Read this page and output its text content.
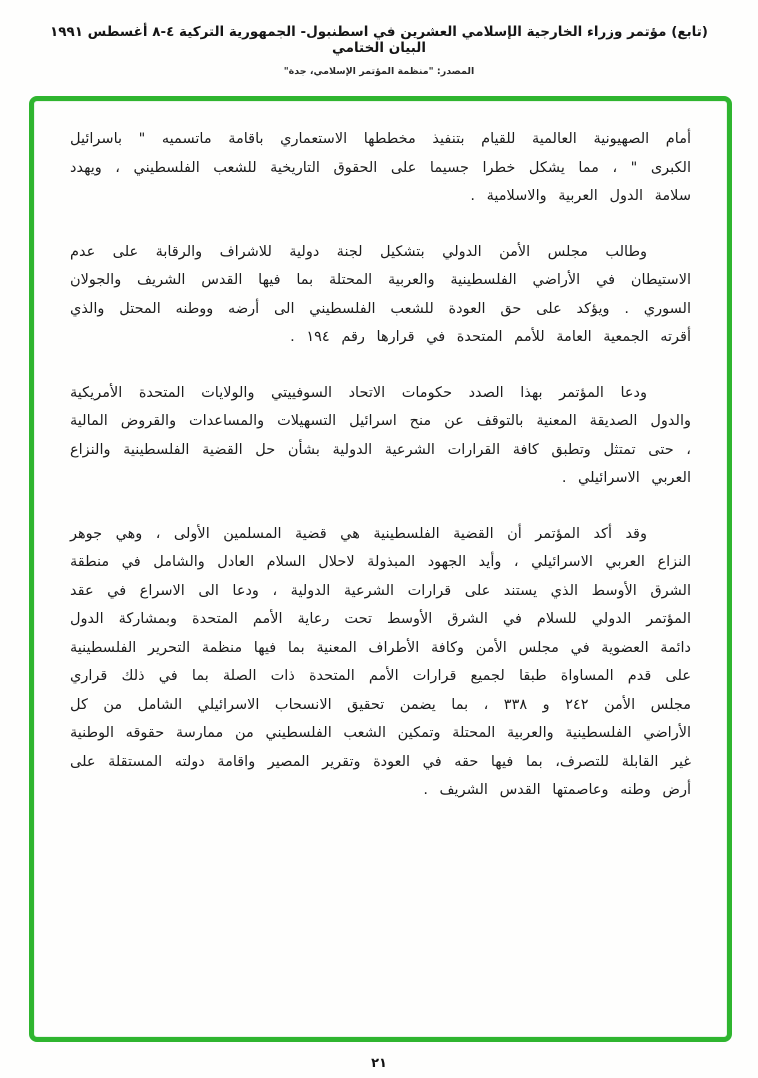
(تابع) مؤتمر وزراء الخارجية الإسلامي العشرين في اسطنبول- الجمهورية التركية ٤-٨ أغسطس ١٩٩١ البيان الختامي
المصدر: "منظمة المؤتمر الإسلامي، جدة"

أمام الصهيونية العالمية للقيام بتنفيذ مخططها الاستعماري باقامة ماتسميه " باسرائيل الكبرى " ، مما يشكل خطرا جسيما على الحقوق التاريخية للشعب الفلسطيني ، ويهدد سلامة الدول العربية والاسلامية .

وطالب مجلس الأمن الدولي بتشكيل لجنة دولية للاشراف والرقابة على عدم الاستيطان في الأراضي الفلسطينية والعربية المحتلة بما فيها القدس الشريف والجولان السوري . ويؤكد على حق العودة للشعب الفلسطيني الى أرضه ووطنه المحتل والذي أقرته الجمعية العامة للأمم المتحدة في قرارها رقم ١٩٤ .

ودعا المؤتمر بهذا الصدد حكومات الاتحاد السوفييتي والولايات المتحدة الأمريكية والدول الصديقة المعنية بالتوقف عن منح اسرائيل التسهيلات والمساعدات والقروض المالية ، حتى تمتثل وتطبق كافة القرارات الشرعية الدولية بشأن حل القضية الفلسطينية والنزاع العربي الاسرائيلي .

وقد أكد المؤتمر أن القضية الفلسطينية هي قضية المسلمين الأولى ، وهي جوهر النزاع العربي الاسرائيلي ، وأيد الجهود المبذولة لاحلال السلام العادل والشامل في منطقة الشرق الأوسط الذي يستند على قرارات الشرعية الدولية ، ودعا الى الاسراع في عقد المؤتمر الدولي للسلام في الشرق الأوسط تحت رعاية الأمم المتحدة وبمشاركة الدول دائمة العضوية في مجلس الأمن وكافة الأطراف المعنية بما فيها منظمة التحرير الفلسطينية على قدم المساواة طبقا لجميع قرارات الأمم المتحدة ذات الصلة بما في ذلك قراري مجلس الأمن ٢٤٢ و ٣٣٨ ، بما يضمن تحقيق الانسحاب الاسرائيلي الشامل من كل الأراضي الفلسطينية والعربية المحتلة وتمكين الشعب الفلسطيني من ممارسة حقوقه الوطنية غير القابلة للتصرف، بما فيها حقه في العودة وتقرير المصير واقامة دولته المستقلة على أرض وطنه وعاصمتها القدس الشريف .

٢١
